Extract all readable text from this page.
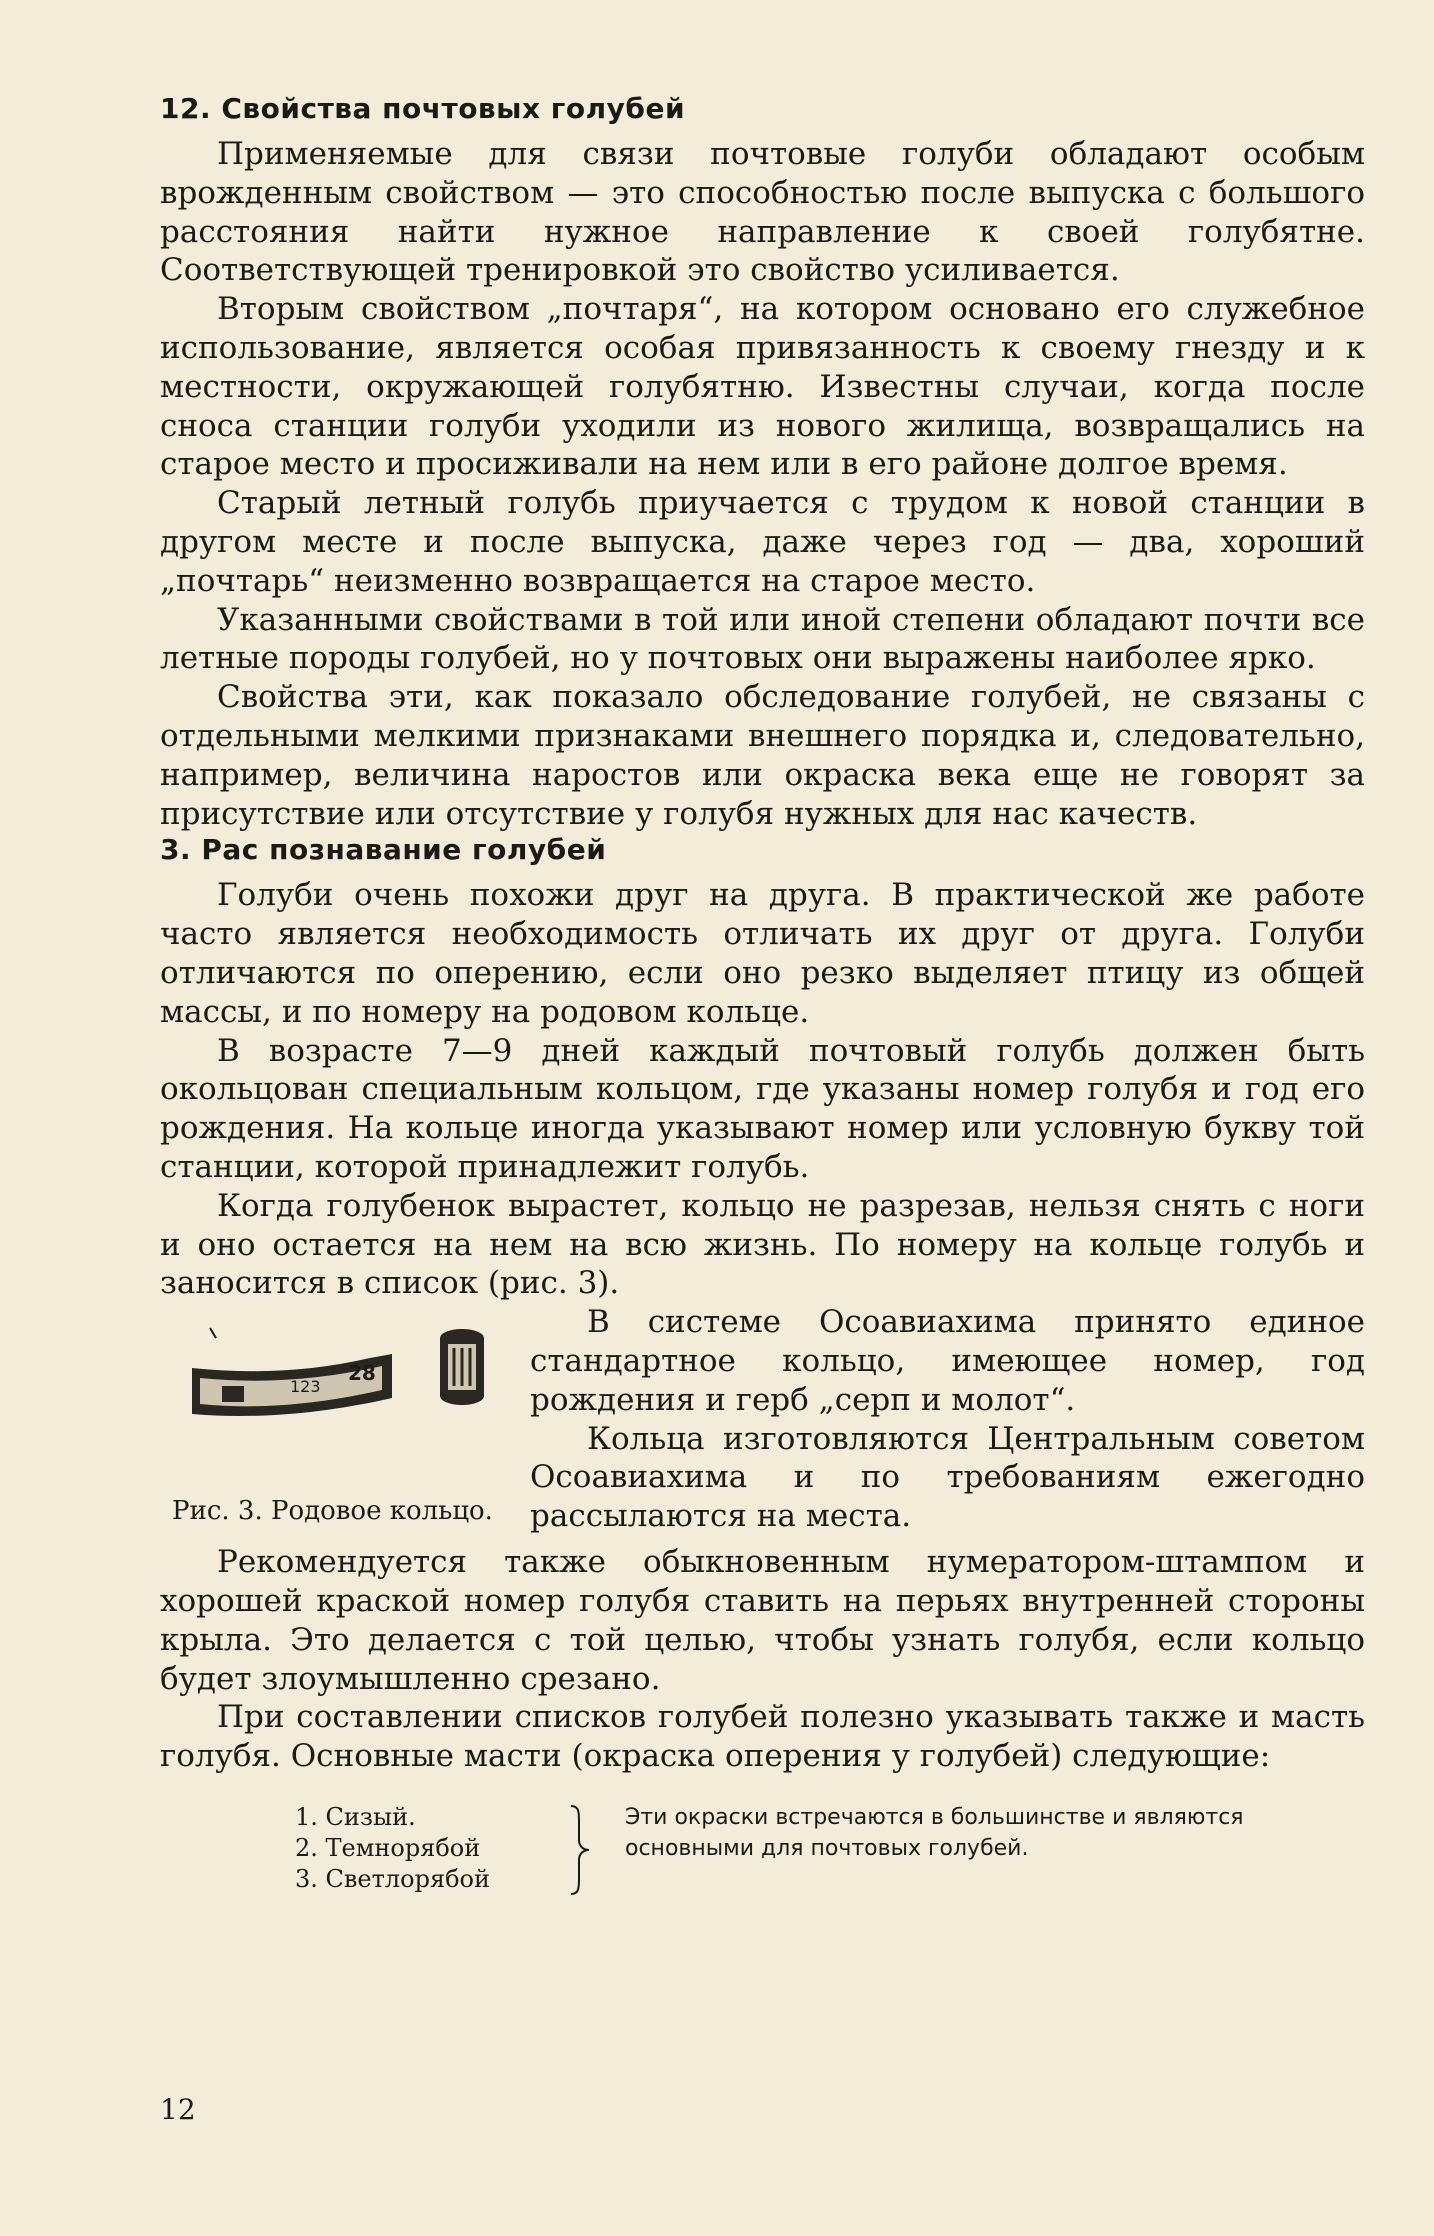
12. Свойства почтовых голубей

Применяемые для связи почтовые голуби обладают особым врожденным свойством — это способностью после выпуска с большого расстояния найти нужное направление к своей голубятне. Соответствующей тренировкой это свойство усиливается.

Вторым свойством „почтаря“, на котором основано его служебное использование, является особая привязанность к своему гнезду и к местности, окружающей голубятню. Известны случаи, когда после сноса станции голуби уходили из нового жилища, возвращались на старое место и просиживали на нем или в его районе долгое время.

Старый летный голубь приучается с трудом к новой станции в другом месте и после выпуска, даже через год — два, хороший „почтарь“ неизменно возвращается на старое место.

Указанными свойствами в той или иной степени обладают почти все летные породы голубей, но у почтовых они выражены наиболее ярко.

Свойства эти, как показало обследование голубей, не связаны с отдельными мелкими признаками внешнего порядка и, следовательно, например, величина наростов или окраска века еще не говорят за присутствие или отсутствие у голубя нужных для нас качеств.

3. Рас познавание голубей

Голуби очень похожи друг на друга. В практической же работе часто является необходимость отличать их друг от друга. Голуби отличаются по оперению, если оно резко выделяет птицу из общей массы, и по номеру на родовом кольце.

В возрасте 7—9 дней каждый почтовый голубь должен быть окольцован специальным кольцом, где указаны номер голубя и год его рождения. На кольце иногда указывают номер или условную букву той станции, которой принадлежит голубь.

Когда голубенок вырастет, кольцо не разрезав, нельзя снять с ноги и оно остается на нем на всю жизнь. По номеру на кольце голубь и заносится в список (рис. 3).

123
28
Рис. 3. Родовое кольцо.

В системе Осоавиахима принято единое стандартное кольцо, имеющее номер, год рождения и герб „серп и молот“.

Кольца изготовляются Центральным советом Осоавиахима и по требованиям ежегодно рассылаются на места.

Рекомендуется также обыкновенным нумератором-штампом и хорошей краской номер голубя ставить на перьях внутренней стороны крыла. Это делается с той целью, чтобы узнать голубя, если кольцо будет злоумышленно срезано.

При составлении списков голубей полезно указывать также и масть голубя. Основные масти (окраска оперения у голубей) следующие:

1. Сизый.
2. Темнорябой
3. Светлорябой
Эти окраски встречаются в большинстве и являются основными для почтовых голубей.
12
